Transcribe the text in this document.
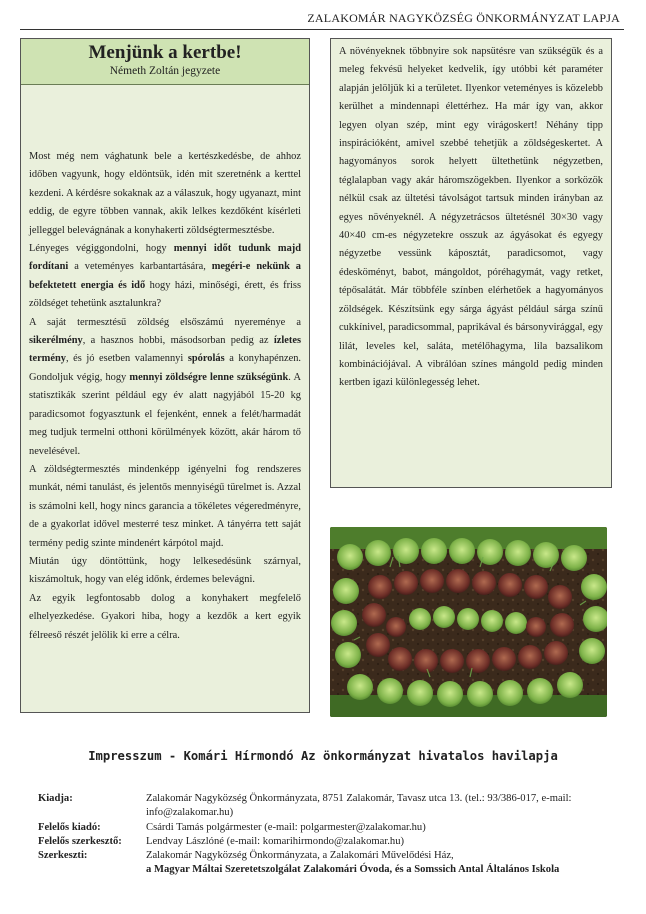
ZALAKOMÁR NAGYKÖZSÉG ÖNKORMÁNYZAT LAPJA
Menjünk a kertbe!
Németh Zoltán jegyzete

Most még nem vághatunk bele a kertészkedésbe, de ahhoz időben vagyunk, hogy eldöntsük, idén mit szeretnénk a kerttel kezdeni. A kérdésre sokaknak az a válaszuk, hogy ugyanazt, mint eddig, de egyre többen vannak, akik lelkes kezdőként kísérleti jelleggel belevágnának a konyhakerti zöldségtermesztésbe.

Lényeges végiggondolni, hogy mennyi időt tudunk majd fordítani a veteményes karbantartására, megéri-e nekünk a befektetett energia és idő hogy házi, minőségi, érett, és friss zöldséget tehetünk asztalunkra?

A saját termesztésű zöldség elsőszámú nyereménye a sikerélmény, a hasznos hobbi, másodsorban pedig az ízletes termény, és jó esetben valamennyi spórolás a konyhapénzen. Gondoljuk végig, hogy mennyi zöldségre lenne szükségünk. A statisztikák szerint például egy év alatt nagyjából 15-20 kg paradicsomot fogyasztunk el fejenként, ennek a felét/harmadát meg tudjuk termelni otthoni körülmények között, akár három tő nevelésével.

A zöldségtermesztés mindenképp igényelni fog rendszeres munkát, némi tanulást, és jelentős mennyiségű türelmet is. Azzal is számolni kell, hogy nincs garancia a tökéletes végeredményre, de a gyakorlat idővel mesterré tesz minket. A tányérra tett saját termény pedig szinte mindenért kárpótol majd.

Miután úgy döntöttünk, hogy lelkesedésünk szárnyal, kiszámoltuk, hogy van elég időnk, érdemes belevágni.

Az egyik legfontosabb dolog a konyhakert megfelelő elhelyezkedése. Gyakori hiba, hogy a kezdők a kert egyik félreeső részét jelölik ki erre a célra.

A növényeknek többnyire sok napsütésre van szükségük és a meleg fekvésű helyeket kedvelik, így utóbbi két paraméter alapján jelöljük ki a területet. Ilyenkor veteményes is közelebb kerülhet a mindennapi élettérhez. Ha már így van, akkor legyen olyan szép, mint egy virágoskert! Néhány tipp inspirációként, amivel szebbé tehetjük a zöldségeskertet. A hagyományos sorok helyett ültethetünk négyzetben, téglalapban vagy akár háromszögekben. Ilyenkor a sorközök nélkül csak az ültetési távolságot tartsuk minden irányban az egyes növényeknél. A négyzetrácsos ültetésnél 30×30 vagy 40×40 cm-es négyzetekre osszuk az ágyásokat és egyegy négyzetbe vessünk káposztát, paradicsomot, vagy édesköményt, babot, mángoldot, póréhagymát, vagy retket, tépősalátát. Már többféle színben elérhetőek a hagyományos zöldségek. Készítsünk egy sárga ágyást például sárga színű cukkínivel, paradicsommal, paprikával és bársonyvirággal, egy lilát, leveles kel, saláta, metélőhagyma, lila bazsalikom kombinációjával. A vibrálóan színes mángold pedig minden kertben igazi különlegesség lehet.

Impresszum - Komári Hírmondó Az önkormányzat hivatalos havilapja
Kiadja:	Zalakomár Nagyközség Önkormányzata, 8751 Zalakomár, Tavasz utca 13. (tel.: 93/386-017, e-mail: info@zalakomar.hu)
Felelős kiadó:	Csárdi Tamás polgármester (e-mail: polgarmester@zalakomar.hu)
Felelős szerkesztő:	Lendvay Lászlóné (e-mail: komarihirmondo@zalakomar.hu)
Szerkeszti:	Zalakomár Nagyközség Önkormányzata, a Zalakomári Művelődési Ház,
a Magyar Máltai Szeretetszolgálat Zalakomári Óvoda, és a Somssich Antal Általános Iskola
